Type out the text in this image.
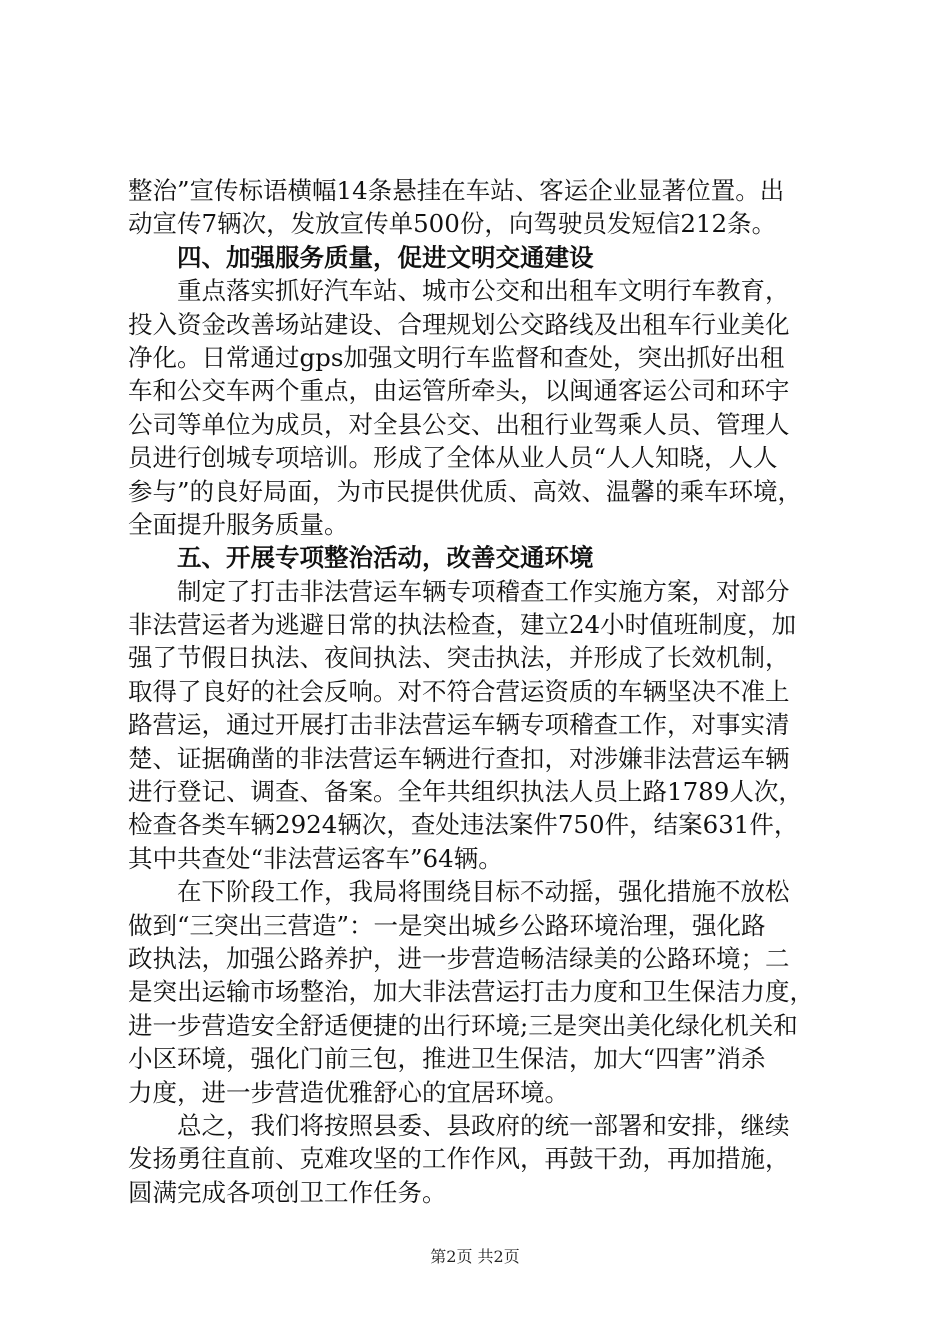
整治”宣传标语横幅14条悬挂在车站、客运企业显著位置。出
动宣传7辆次，发放宣传单500份，向驾驶员发短信212条。
四、加强服务质量，促进文明交通建设
重点落实抓好汽车站、城市公交和出租车文明行车教育，
投入资金改善场站建设、合理规划公交路线及出租车行业美化
净化。日常通过gps加强文明行车监督和查处，突出抓好出租
车和公交车两个重点，由运管所牵头，以闽通客运公司和环宇
公司等单位为成员，对全县公交、出租行业驾乘人员、管理人
员进行创城专项培训。形成了全体从业人员“人人知晓，人人
参与”的良好局面，为市民提供优质、高效、温馨的乘车环境，
全面提升服务质量。
五、开展专项整治活动，改善交通环境
制定了打击非法营运车辆专项稽查工作实施方案，对部分
非法营运者为逃避日常的执法检查，建立24小时值班制度，加
强了节假日执法、夜间执法、突击执法，并形成了长效机制，
取得了良好的社会反响。对不符合营运资质的车辆坚决不准上
路营运，通过开展打击非法营运车辆专项稽查工作，对事实清
楚、证据确凿的非法营运车辆进行查扣，对涉嫌非法营运车辆
进行登记、调查、备案。全年共组织执法人员上路1789人次，
检查各类车辆2924辆次，查处违法案件750件，结案631件，
其中共查处“非法营运客车”64辆。
在下阶段工作，我局将围绕目标不动摇，强化措施不放松
做到“三突出三营造”：一是突出城乡公路环境治理，强化路
政执法，加强公路养护，进一步营造畅洁绿美的公路环境；二
是突出运输市场整治，加大非法营运打击力度和卫生保洁力度，
进一步营造安全舒适便捷的出行环境;三是突出美化绿化机关和
小区环境，强化门前三包，推进卫生保洁，加大“四害”消杀
力度，进一步营造优雅舒心的宜居环境。
总之，我们将按照县委、县政府的统一部署和安排，继续
发扬勇往直前、克难攻坚的工作作风，再鼓干劲，再加措施，
圆满完成各项创卫工作任务。
第2页 共2页
